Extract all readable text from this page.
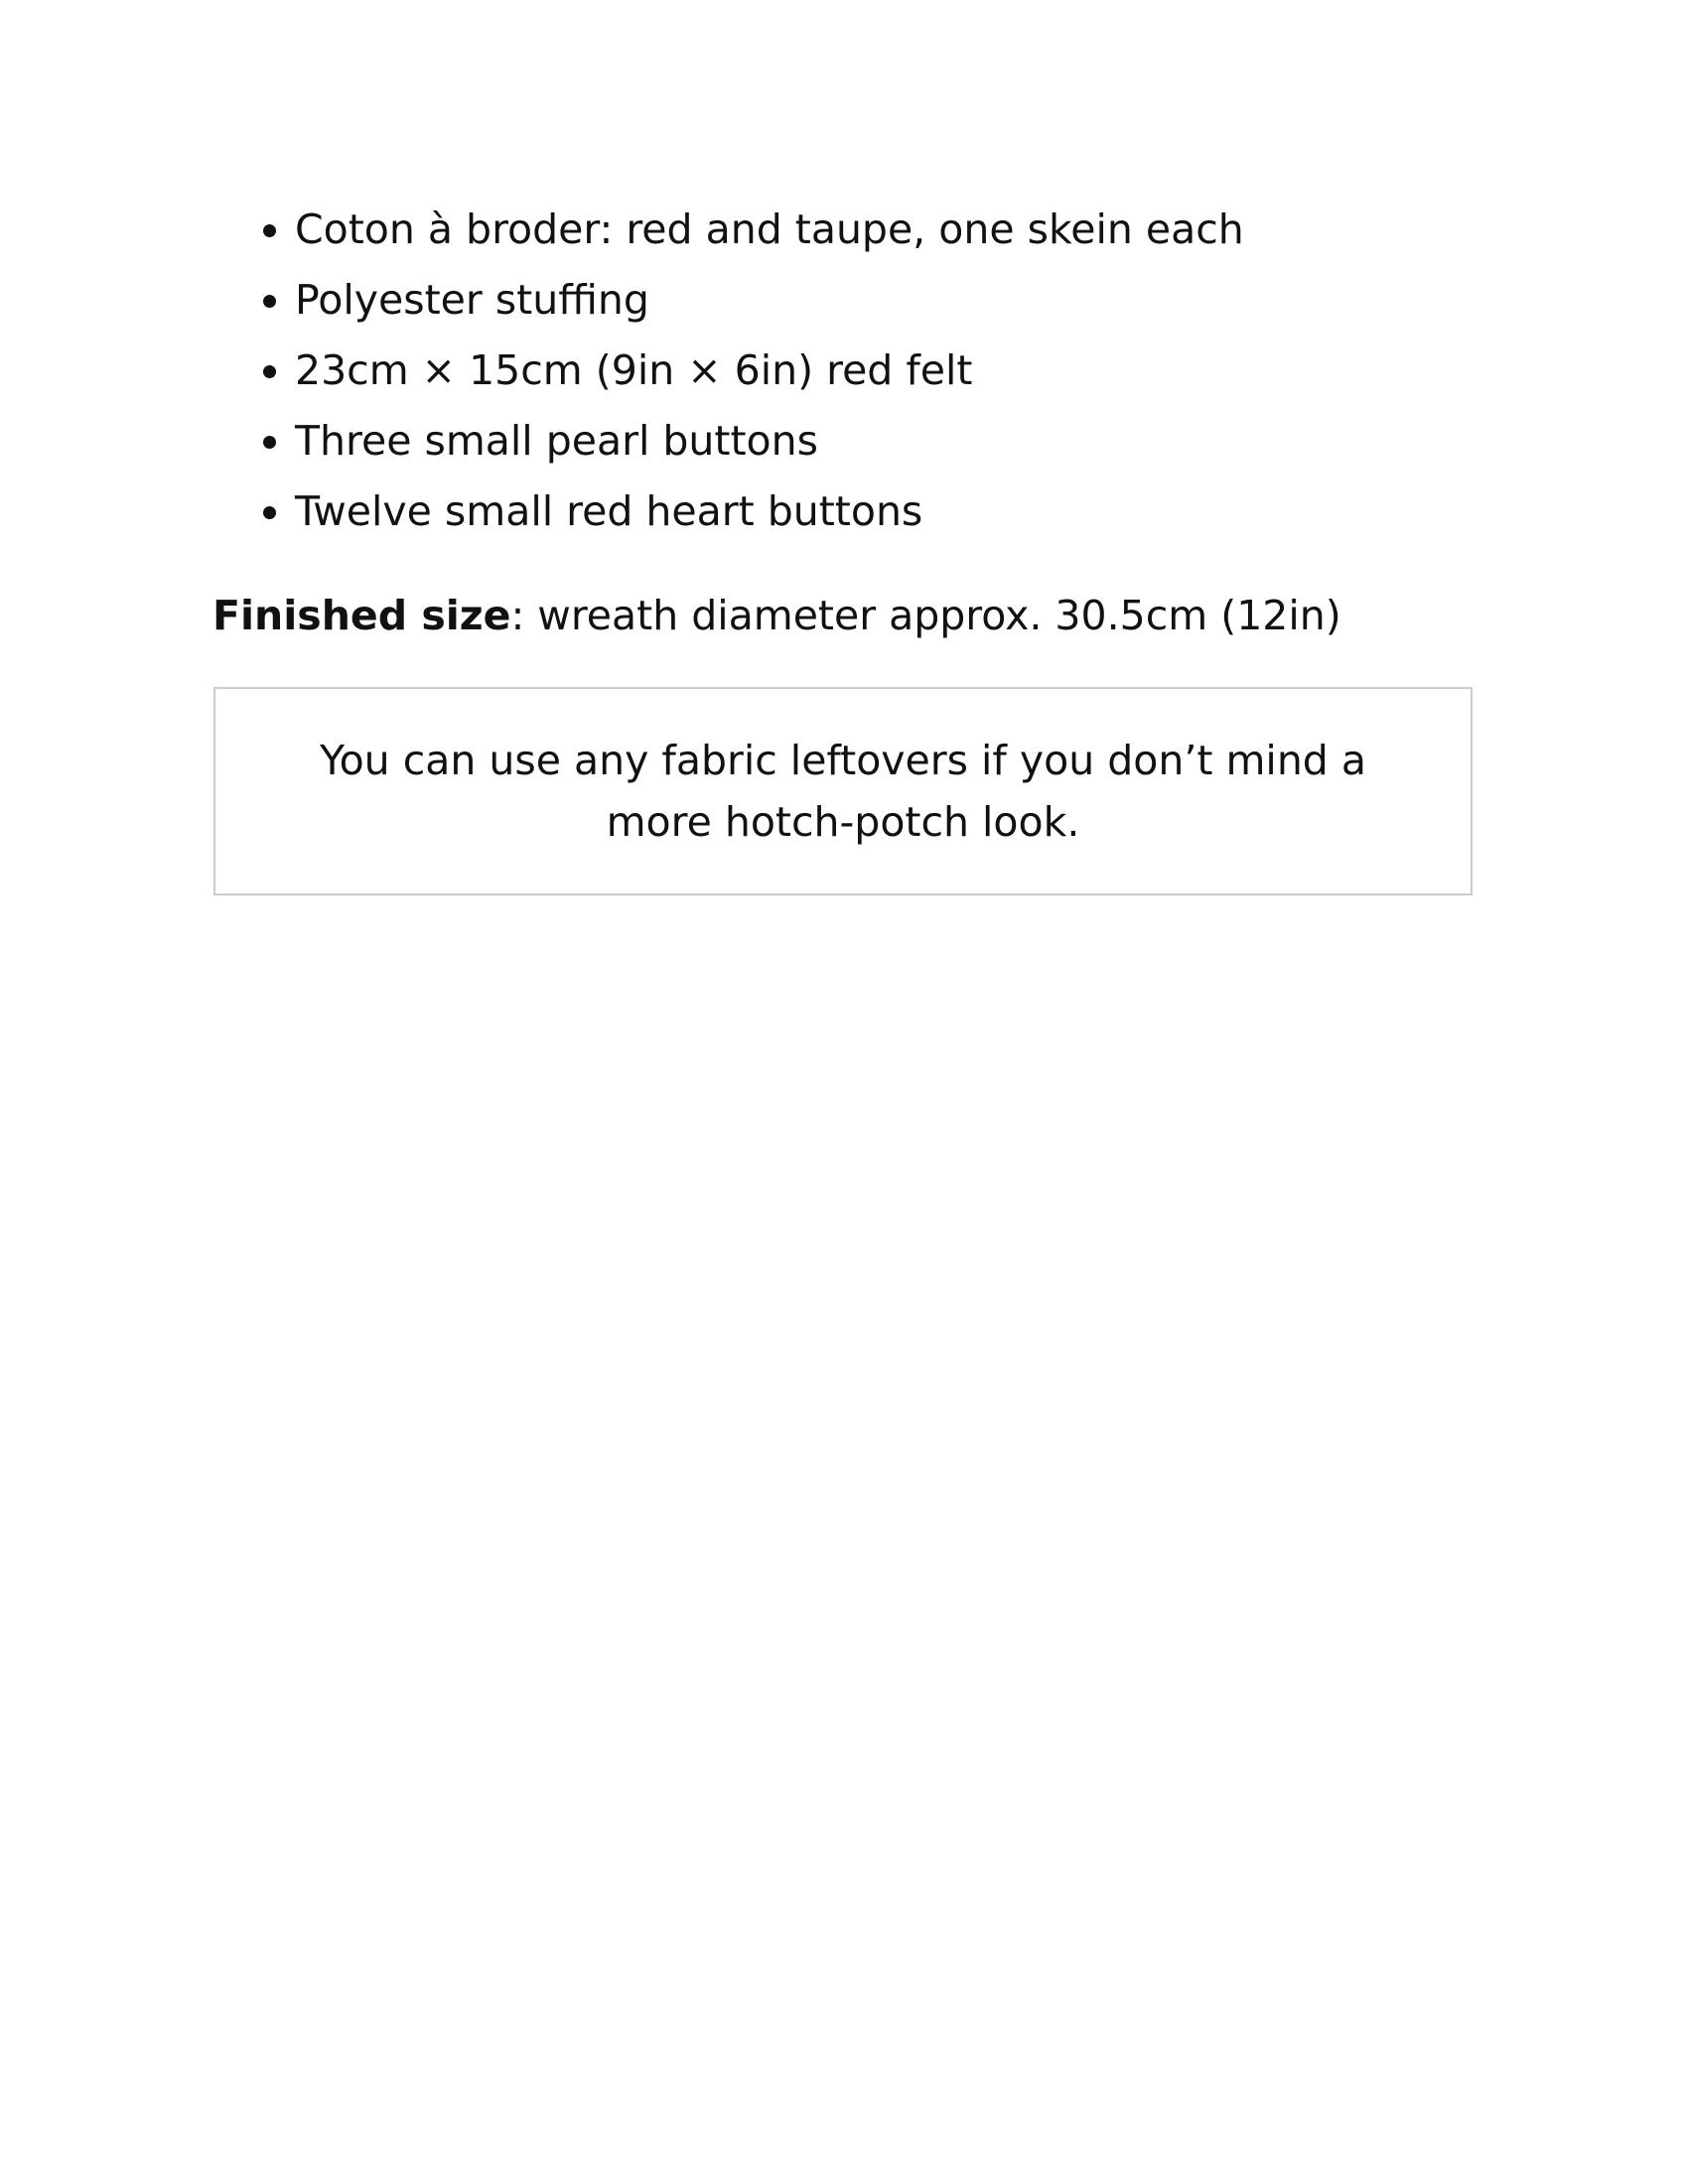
• Coton à broder: red and taupe, one skein each
• Polyester stuffing
• 23cm × 15cm (9in × 6in) red felt
• Three small pearl buttons
• Twelve small red heart buttons

Finished size: wreath diameter approx. 30.5cm (12in)

You can use any fabric leftovers if you don’t mind a more hotch-potch look.
